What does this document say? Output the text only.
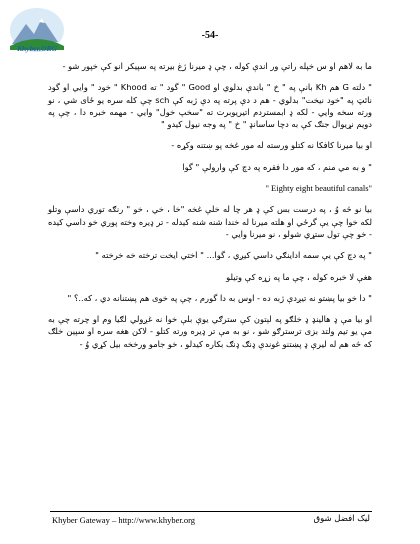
Khyber.ORG
-54-

ما به لاهم او س خپله راتې ور اندې کوله ، چې ډ میرنا ژغ بیرته په سپیکر انو کې خپور شو -

" دلته G هم Kh بانې په " خ " باندې بدلوي او Good " گود " ته Khood " خود " وايي او گود نائټ په "خود نیخت" بدلوي - هم د دې پرته په دې ژبه کې sch چې کله سره یو ځای شي ، نو ورته سخه وايي - لکه ډ ابمستردم اتیریوبرت ته "سخپ خول" وايي - مهمه خبره دا ، چې په دویم نړیوال جنګ کې به دچا ساسانډ " خ " په وجه نیول کیدو "

او بیا میرنا کافکا نه کتلو ورسته له مور غخه پو ښتنه وکړه -

" و به مي منم ، که مور دا فقره په دچ کې وارولې " گوا

" Eighty eight beautiful canals"

بیا نو څه وُ ، په درست بس کې ډ هر چا له خلې غخه "خا ، خي ، خو " رنګه توري داسې وتلو لکه خوا چې یې گرځي او هلته میرنا له خندا شنه شنه کیدله - تر ډیره وخته پوري خو داسي کیده - خو چې تول ستړي شولو ، نو میرنا وايي -

" په دچ کې یې سمه اداینګي داسي کیږي ، گوا... " اختي ایخت ترخته خه خرخته "

هغې لا خبره کوله ، چې ما په زړه کې وتیلو

" دا خو بیا پښتو نه تیږدې ژبه ده - اوس به دا گورم ، چې په خوی هم پښتنانه دي ، که..؟ "

او بیا مې ډ هالینډ ډ خلګو په لېتون کې سترګي یوې بلې خوا نه غږولي لګیا وم او چرته چې به مې یو تیم ولتد بزی ترسترګو شو ، نو به مې تر ډیره ورته کتلو - لاکن هغه سره او سپین خلګ که څه هم له لیرې ډ پښتنو غوندې ډنګ ډنګ بکاره کیدلو ، خو جامو ورخخه بیل کړي وُ -

Khyber Gateway – http://www.khyber.org	لیک افضل شوق
